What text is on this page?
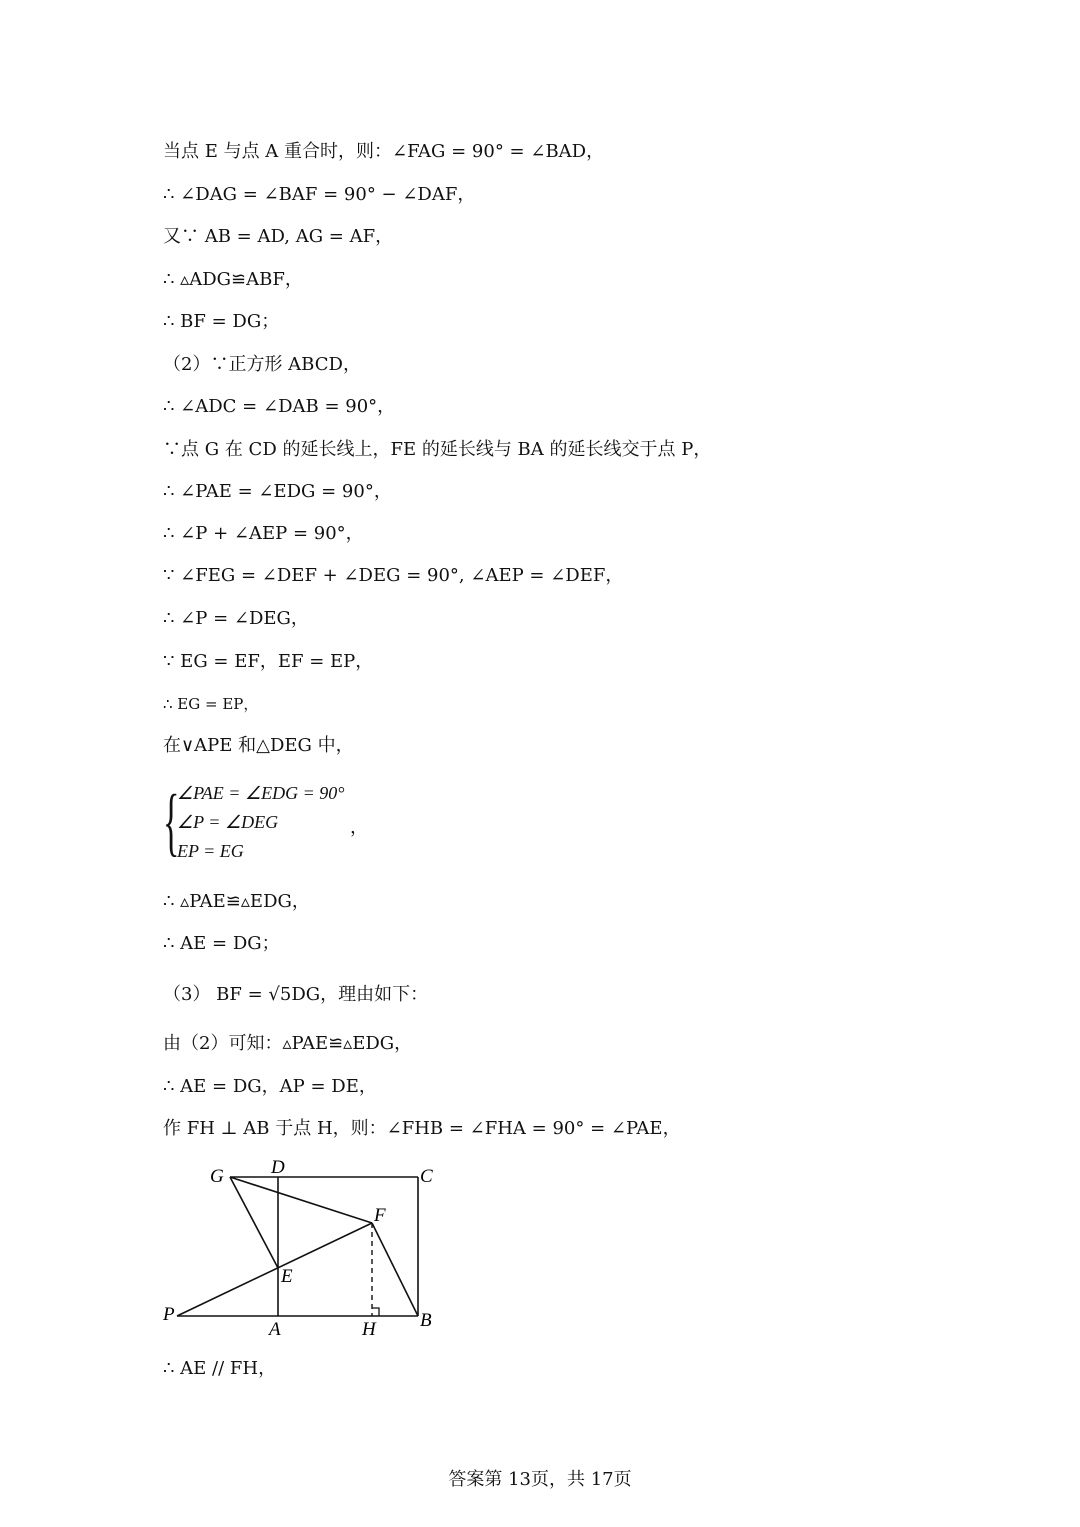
当点 E 与点 A 重合时，则：∠FAG = 90° = ∠BAD，
∴ ∠DAG = ∠BAF = 90° − ∠DAF，
又∵ AB = AD, AG = AF，
∴ ▵ADG≌ABF，
∴ BF = DG；
（2）∵正方形 ABCD，
∴ ∠ADC = ∠DAB = 90°，
∵点 G 在 CD 的延长线上，FE 的延长线与 BA 的延长线交于点 P，
∴ ∠PAE = ∠EDG = 90°，
∴ ∠P + ∠AEP = 90°，
∵ ∠FEG = ∠DEF + ∠DEG = 90°, ∠AEP = ∠DEF，
∴ ∠P = ∠DEG，
∵ EG = EF，EF = EP，
∴ EG = EP，
在∨APE 和△DEG 中，
{
∠PAE = ∠EDG = 90°
∠P = ∠DEG
EP = EG
，
∴ ▵PAE≌▵EDG，
∴ AE = DG；
（3） BF = √5DG，理由如下：
由（2）可知：▵PAE≌▵EDG，
∴ AE = DG，AP = DE，
作 FH ⊥ AB 于点 H，则：∠FHB = ∠FHA = 90° = ∠PAE，
G D	C
F
E
P
A	H B
∴ AE // FH，
答案第 13页，共 17页
